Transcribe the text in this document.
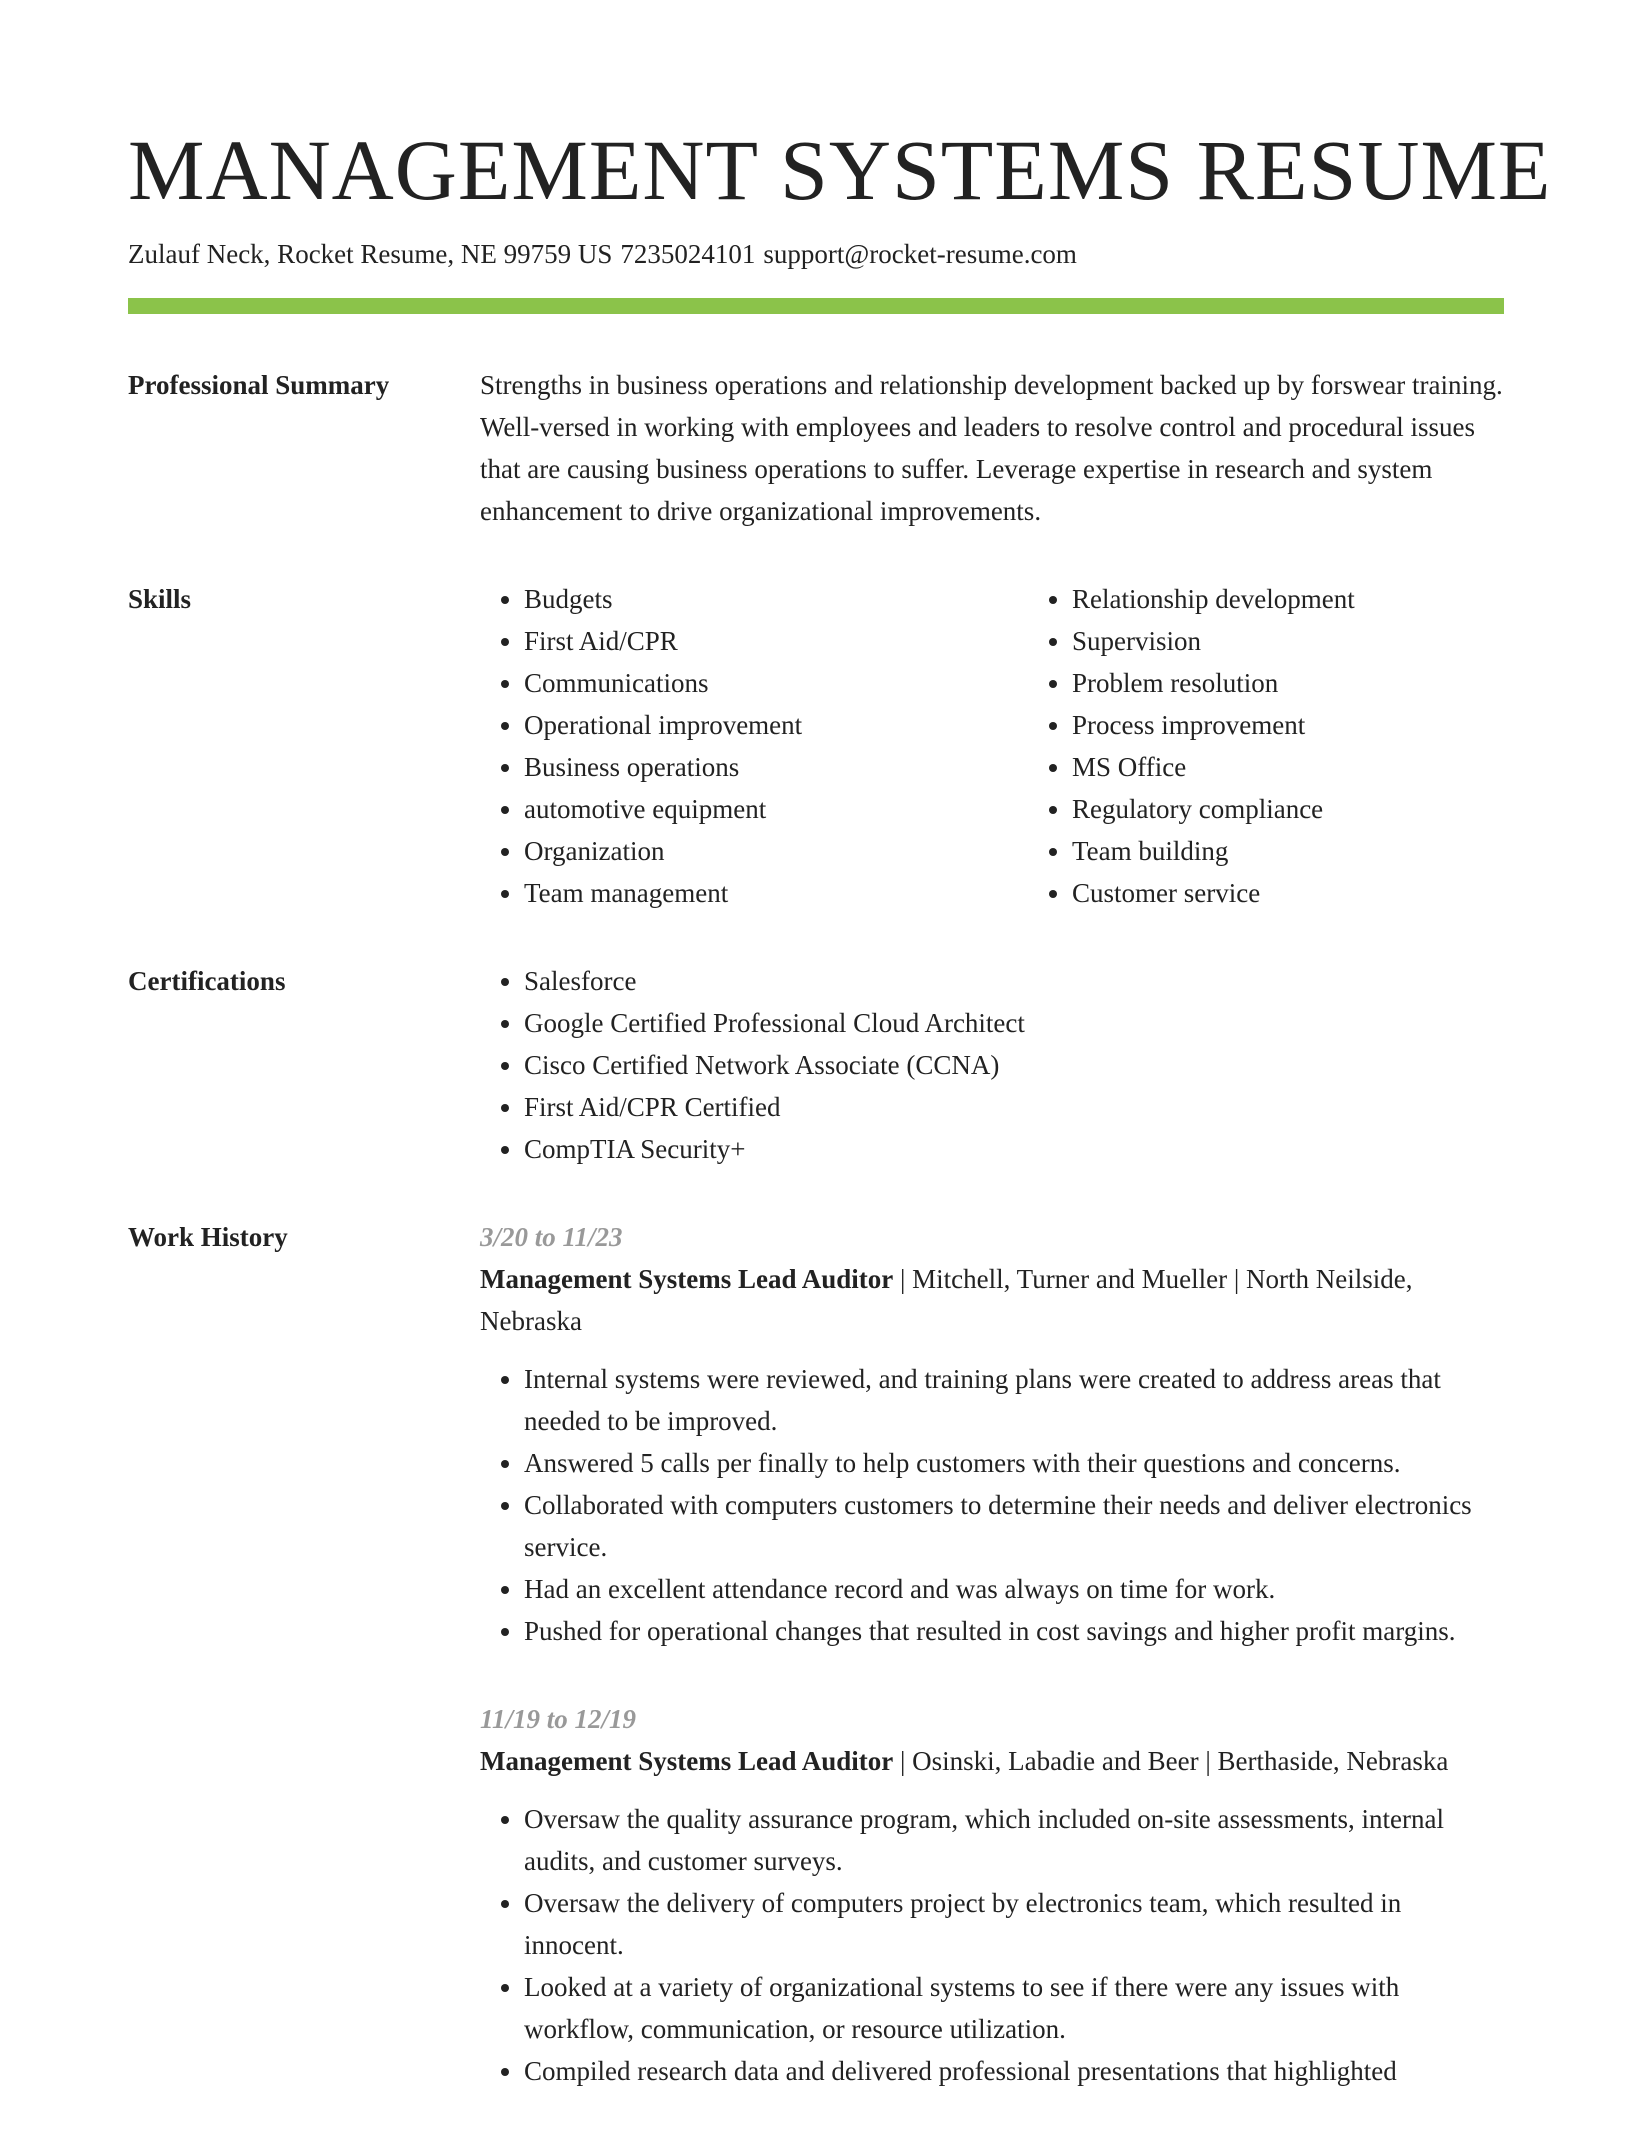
MANAGEMENT SYSTEMS RESUME
Zulauf Neck, Rocket Resume, NE 99759 US 7235024101 support@rocket-resume.com
Professional Summary	Strengths in business operations and relationship development backed up by forswear training. Well-versed in working with employees and leaders to resolve control and procedural issues that are causing business operations to suffer. Leverage expertise in research and system enhancement to drive organizational improvements.

Skills	• Budgets
• First Aid/CPR
• Communications
• Operational improvement
• Business operations
• automotive equipment
• Organization
• Team management
• Relationship development
• Supervision
• Problem resolution
• Process improvement
• MS Office
• Regulatory compliance
• Team building
• Customer service
Certifications	• Salesforce
• Google Certified Professional Cloud Architect
• Cisco Certified Network Associate (CCNA)
• First Aid/CPR Certified
• CompTIA Security+
Work History	3/20 to 11/23
Management Systems Lead Auditor | Mitchell, Turner and Mueller | North Neilside, Nebraska
• Internal systems were reviewed, and training plans were created to address areas that needed to be improved.
• Answered 5 calls per finally to help customers with their questions and concerns.
• Collaborated with computers customers to determine their needs and deliver electronics service.
• Had an excellent attendance record and was always on time for work.
• Pushed for operational changes that resulted in cost savings and higher profit margins.
11/19 to 12/19
Management Systems Lead Auditor | Osinski, Labadie and Beer | Berthaside, Nebraska
• Oversaw the quality assurance program, which included on-site assessments, internal audits, and customer surveys.
• Oversaw the delivery of computers project by electronics team, which resulted in innocent.
• Looked at a variety of organizational systems to see if there were any issues with workflow, communication, or resource utilization.
• Compiled research data and delivered professional presentations that highlighted
